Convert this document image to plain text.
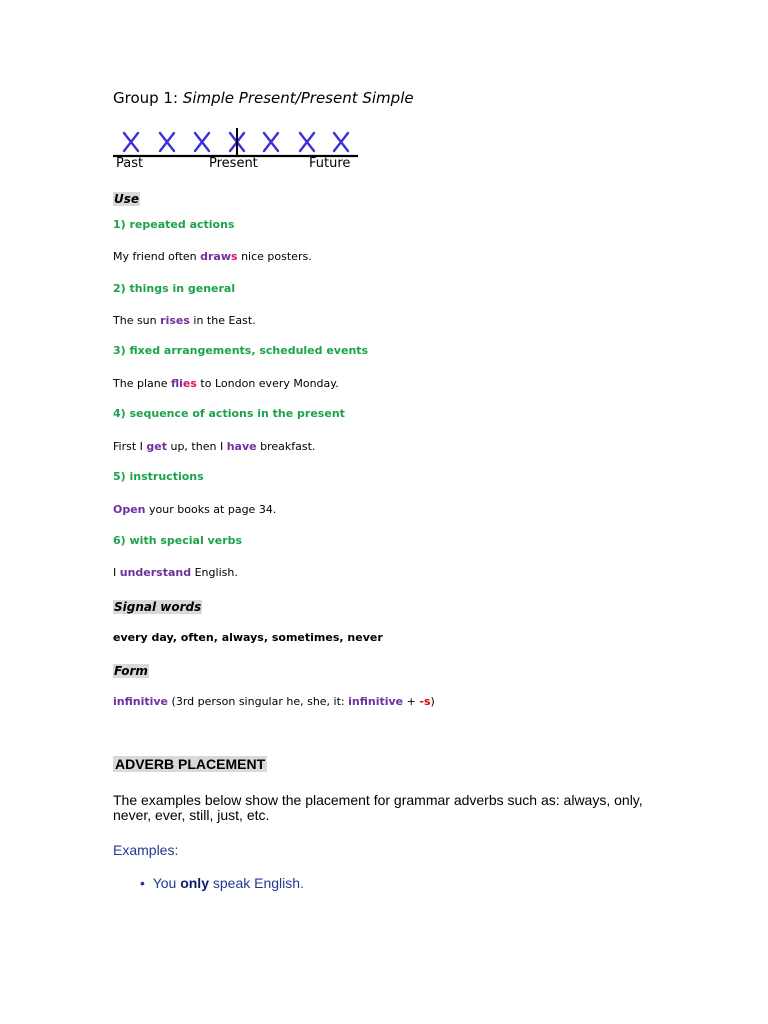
Group 1: Simple Present/Present Simple
Past	Present	Future
Use
1) repeated actions
My friend often draws nice posters.
2) things in general
The sun rises in the East.
3) fixed arrangements, scheduled events
The plane flies to London every Monday.
4) sequence of actions in the present
First I get up, then I have breakfast.
5) instructions
Open your books at page 34.
6) with special verbs
I understand English.
Signal words
every day, often, always, sometimes, never
Form
infinitive (3rd person singular he, she, it: infinitive + -s)
ADVERB PLACEMENT
The examples below show the placement for grammar adverbs such as: always, only, never, ever, still, just, etc.
Examples:
• You only speak English.
